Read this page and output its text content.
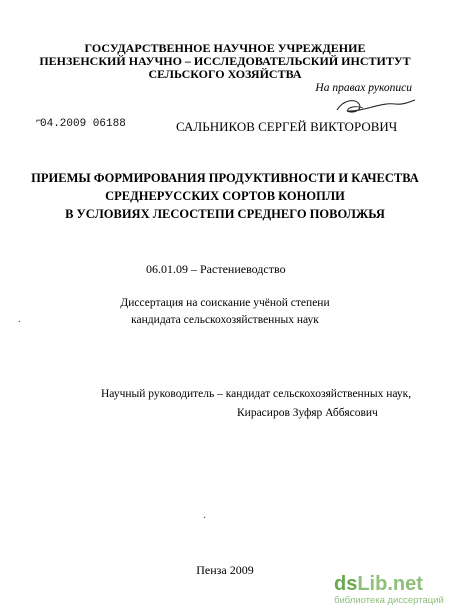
ГОСУДАРСТВЕННОЕ НАУЧНОЕ УЧРЕЖДЕНИЕ
ПЕНЗЕНСКИЙ НАУЧНО – ИССЛЕДОВАТЕЛЬСКИЙ ИНСТИТУТ
СЕЛЬСКОГО ХОЗЯЙСТВА
На правах рукописи
⌐
04.2009 06188	САЛЬНИКОВ СЕРГЕЙ ВИКТОРОВИЧ
ПРИЕМЫ ФОРМИРОВАНИЯ ПРОДУКТИВНОСТИ И КАЧЕСТВА
СРЕДНЕРУССКИХ СОРТОВ КОНОПЛИ
В УСЛОВИЯХ ЛЕСОСТЕПИ СРЕДНЕГО ПОВОЛЖЬЯ
06.01.09 – Растениеводство
Диссертация на соискание учёной степени
кандидата сельскохозяйственных наук
Научный руководитель – кандидат сельскохозяйственных наук,
Кирасиров Зуфяр Аббясович
.
·
Пенза 2009
dsLib.net
библиотека диссертаций
